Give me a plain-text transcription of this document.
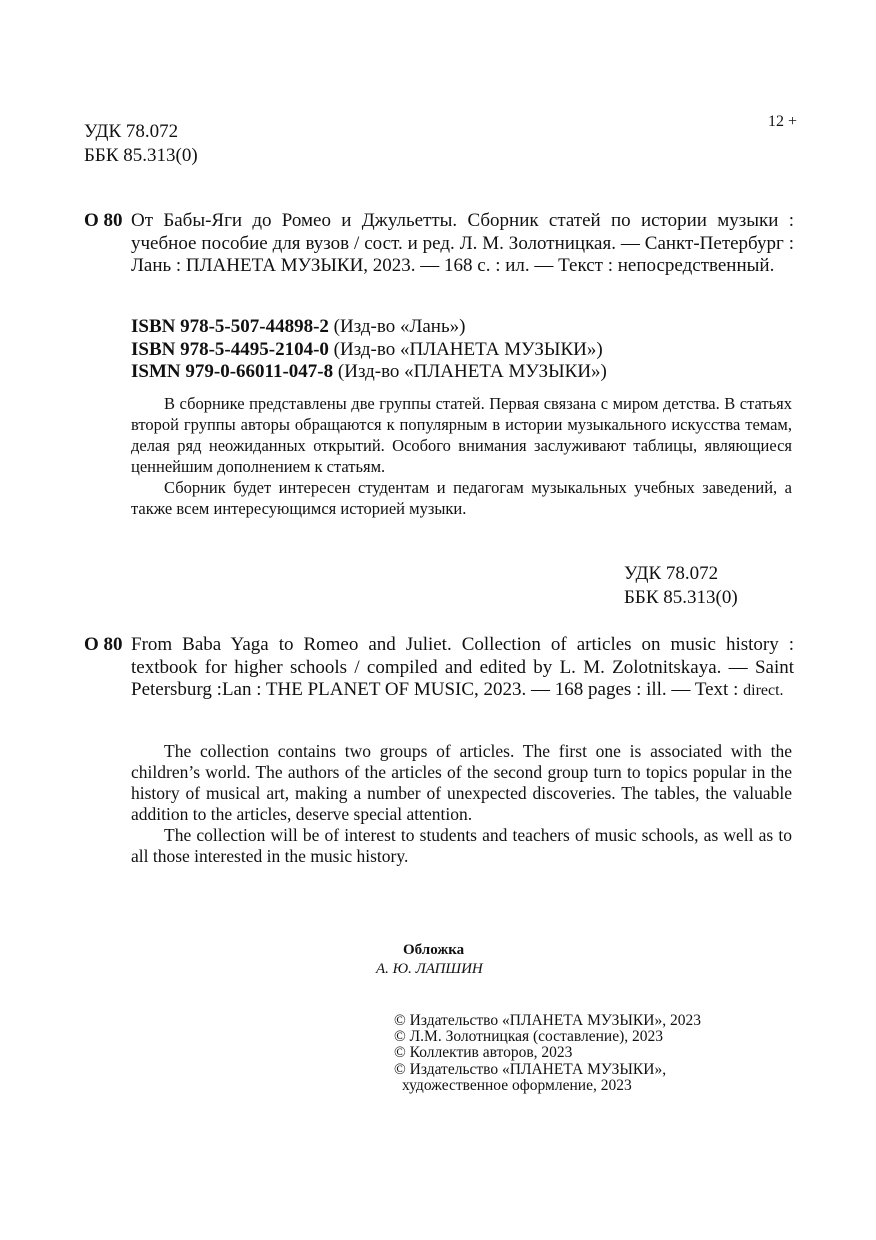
12 +
УДК 78.072
ББК 85.313(0)
О 80 От Бабы-Яги до Ромео и Джульетты. Сборник статей по истории музыки : учебное пособие для вузов / сост. и ред. Л. М. Золотницкая. — Санкт-Петербург : Лань : ПЛАНЕТА МУЗЫКИ, 2023. — 168 с. : ил. — Текст : непосредственный.
ISBN 978-5-507-44898-2 (Изд-во «Лань»)
ISBN 978-5-4495-2104-0 (Изд-во «ПЛАНЕТА МУЗЫКИ»)
ISMN 979-0-66011-047-8 (Изд-во «ПЛАНЕТА МУЗЫКИ»)

В сборнике представлены две группы статей. Первая связана с миром детства. В статьях второй группы авторы обращаются к популярным в истории музыкального искусства темам, делая ряд неожиданных открытий. Особого внимания заслуживают таблицы, являющиеся ценнейшим дополнением к статьям.

Сборник будет интересен студентам и педагогам музыкальных учебных заведений, а также всем интересующимся историей музыки.

УДК 78.072
ББК 85.313(0)
О 80 From Baba Yaga to Romeo and Juliet. Collection of articles on music history : textbook for higher schools / compiled and edited by L. M. Zolotnitskaya. — Saint Petersburg :Lan : THE PLANET OF MUSIC, 2023. — 168 pages : ill. — Text : direct.

The collection contains two groups of articles. The first one is associated with the children’s world. The authors of the articles of the second group turn to topics popular in the history of musical art, making a number of unexpected discoveries. The tables, the valuable addition to the articles, deserve special attention.

The collection will be of interest to students and teachers of music schools, as well as to all those interested in the music history.

Обложка
А. Ю. ЛАПШИН
© Издательство «ПЛАНЕТА МУЗЫКИ», 2023
© Л.М. Золотницкая (составление), 2023
© Коллектив авторов, 2023
© Издательство «ПЛАНЕТА МУЗЫКИ»,
художественное оформление, 2023
